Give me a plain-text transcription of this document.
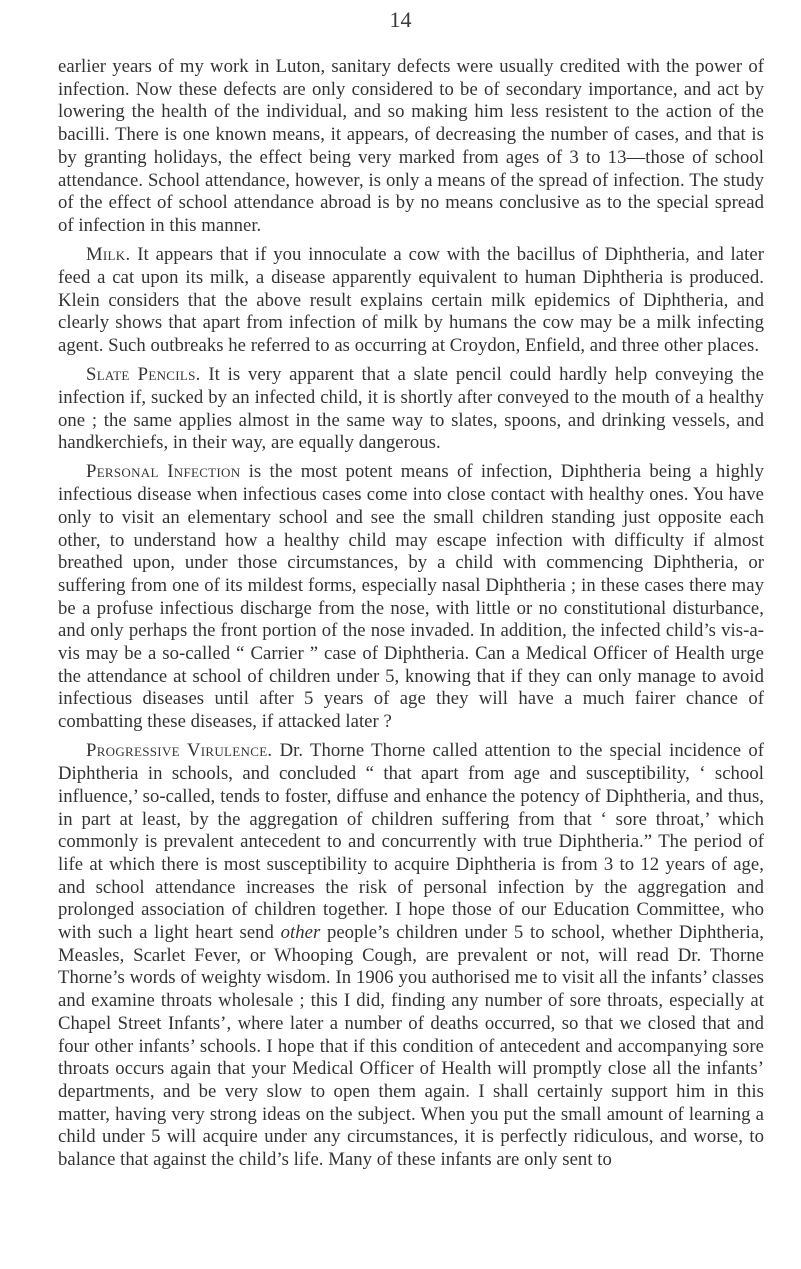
14

earlier years of my work in Luton, sanitary defects were usually credited with the power of infection. Now these defects are only considered to be of secondary importance, and act by lowering the health of the individual, and so making him less resistent to the action of the bacilli. There is one known means, it appears, of decreasing the number of cases, and that is by granting holidays, the effect being very marked from ages of 3 to 13—those of school attendance. School attendance, however, is only a means of the spread of infection. The study of the effect of school attendance abroad is by no means conclusive as to the special spread of infection in this manner.

Milk. It appears that if you innoculate a cow with the bacillus of Diphtheria, and later feed a cat upon its milk, a disease apparently equivalent to human Diphtheria is produced. Klein considers that the above result explains certain milk epidemics of Diphtheria, and clearly shows that apart from infection of milk by humans the cow may be a milk infecting agent. Such outbreaks he referred to as occurring at Croydon, Enfield, and three other places.

Slate Pencils. It is very apparent that a slate pencil could hardly help conveying the infection if, sucked by an infected child, it is shortly after conveyed to the mouth of a healthy one ; the same applies almost in the same way to slates, spoons, and drinking vessels, and handkerchiefs, in their way, are equally dangerous.

Personal Infection is the most potent means of infection, Diphtheria being a highly infectious disease when infectious cases come into close contact with healthy ones. You have only to visit an elementary school and see the small children standing just opposite each other, to understand how a healthy child may escape infection with difficulty if almost breathed upon, under those circumstances, by a child with commencing Diphtheria, or suffering from one of its mildest forms, especially nasal Diphtheria ; in these cases there may be a profuse infectious discharge from the nose, with little or no constitutional disturbance, and only perhaps the front portion of the nose invaded. In addition, the infected child’s vis-a-vis may be a so-called “ Carrier ” case of Diphtheria. Can a Medical Officer of Health urge the attendance at school of children under 5, knowing that if they can only manage to avoid infectious diseases until after 5 years of age they will have a much fairer chance of combatting these diseases, if attacked later ?

Progressive Virulence. Dr. Thorne Thorne called attention to the special incidence of Diphtheria in schools, and concluded “ that apart from age and susceptibility, ‘ school influence,’ so-called, tends to foster, diffuse and enhance the potency of Diphtheria, and thus, in part at least, by the aggregation of children suffering from that ‘ sore throat,’ which commonly is prevalent antecedent to and concurrently with true Diphtheria.” The period of life at which there is most susceptibility to acquire Diphtheria is from 3 to 12 years of age, and school attendance increases the risk of personal infection by the aggregation and prolonged association of children together. I hope those of our Education Committee, who with such a light heart send other people’s children under 5 to school, whether Diphtheria, Measles, Scarlet Fever, or Whooping Cough, are prevalent or not, will read Dr. Thorne Thorne’s words of weighty wisdom. In 1906 you authorised me to visit all the infants’ classes and examine throats wholesale ; this I did, finding any number of sore throats, especially at Chapel Street Infants’, where later a number of deaths occurred, so that we closed that and four other infants’ schools. I hope that if this condition of antecedent and accompanying sore throats occurs again that your Medical Officer of Health will promptly close all the infants’ departments, and be very slow to open them again. I shall certainly support him in this matter, having very strong ideas on the subject. When you put the small amount of learning a child under 5 will acquire under any circumstances, it is perfectly ridiculous, and worse, to balance that against the child’s life. Many of these infants are only sent to
